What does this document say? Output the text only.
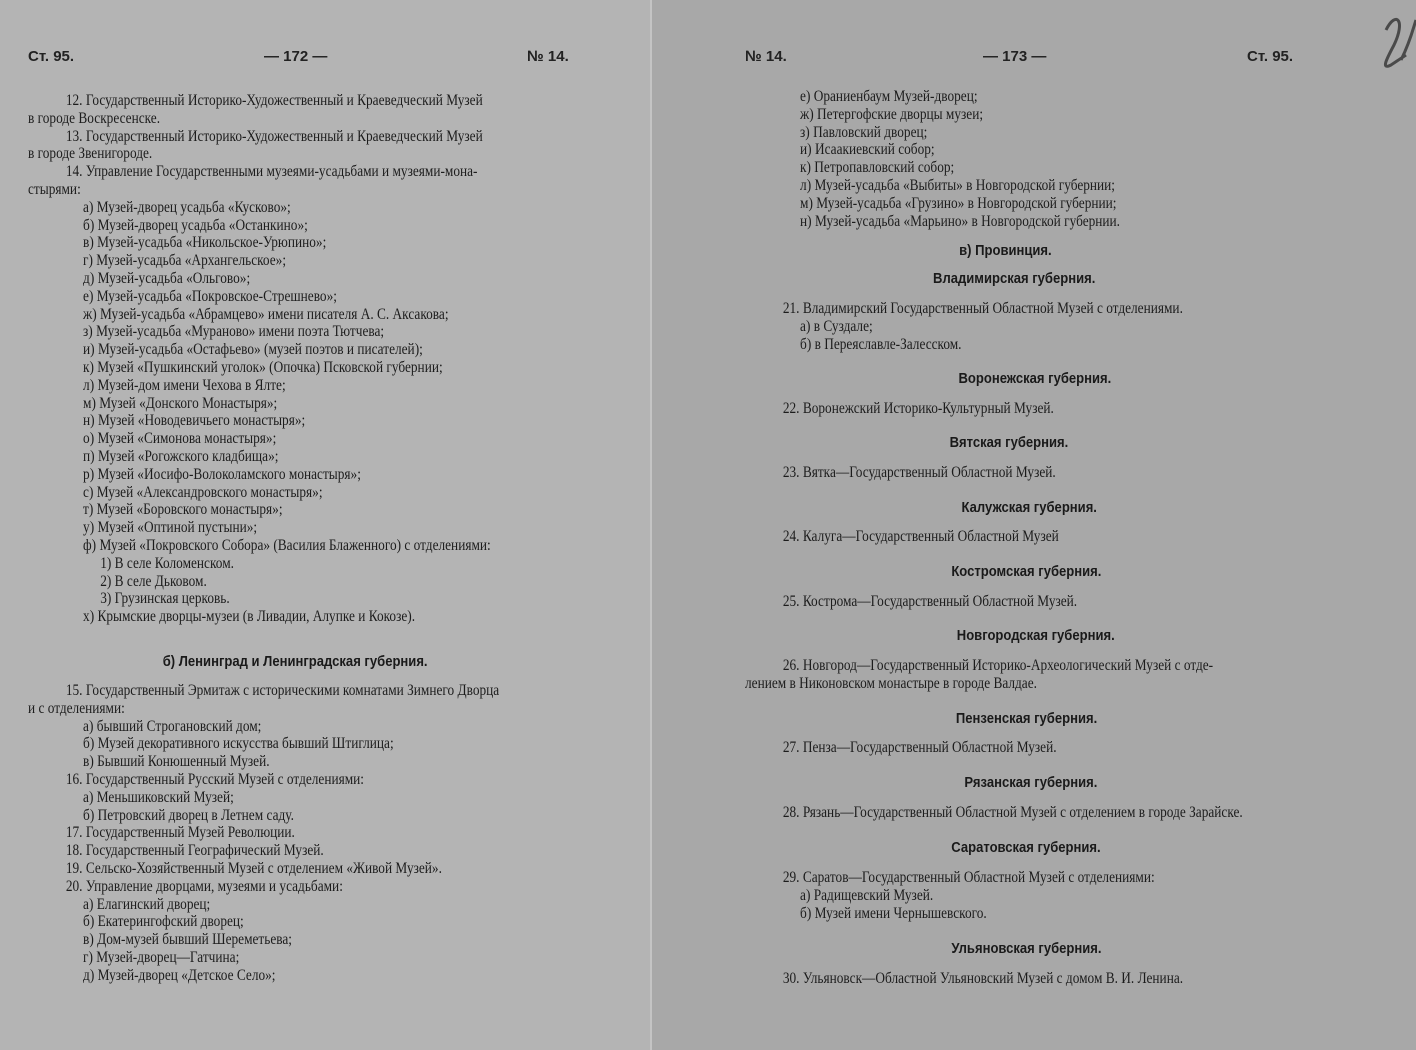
Ст. 95.	— 172 —	№ 14.
12. Государственный Историко-Художественный и Краеведческий Музей
в городе Воскресенске.
13. Государственный Историко-Художественный и Краеведческий Музей
в городе Звенигороде.
14. Управление Государственными музеями-усадьбами и музеями-мона-
стырями:
а) Музей-дворец усадьба «Кусково»;
б) Музей-дворец усадьба «Останкино»;
в) Музей-усадьба «Никольское-Урюпино»;
г) Музей-усадьба «Архангельское»;
д) Музей-усадьба «Ольгово»;
е) Музей-усадьба «Покровское-Стрешнево»;
ж) Музей-усадьба «Абрамцево» имени писателя А. С. Аксакова;
з) Музей-усадьба «Мураново» имени поэта Тютчева;
и) Музей-усадьба «Остафьево» (музей поэтов и писателей);
к) Музей «Пушкинский уголок» (Опочка) Псковской губернии;
л) Музей-дом имени Чехова в Ялте;
м) Музей «Донского Монастыря»;
н) Музей «Новодевичьего монастыря»;
о) Музей «Симонова монастыря»;
п) Музей «Рогожского кладбища»;
р) Музей «Иосифо-Волоколамского монастыря»;
с) Музей «Александровского монастыря»;
т) Музей «Боровского монастыря»;
у) Музей «Оптиной пустыни»;
ф) Музей «Покровского Собора» (Василия Блаженного) с отделениями:
1) В селе Коломенском.
2) В селе Дьковом.
3) Грузинская церковь.
х) Крымские дворцы-музеи (в Ливадии, Алупке и Кокозе).
б) Ленинград и Ленинградская губерния.
15. Государственный Эрмитаж с историческими комнатами Зимнего Дворца
и с отделениями:
а) бывший Строгановский дом;
б) Музей декоративного искусства бывший Штиглица;
в) Бывший Конюшенный Музей.
16. Государственный Русский Музей с отделениями:
а) Меньшиковский Музей;
б) Петровский дворец в Летнем саду.
17. Государственный Музей Революции.
18. Государственный Географический Музей.
19. Сельско-Хозяйственный Музей с отделением «Живой Музей».
20. Управление дворцами, музеями и усадьбами:
а) Елагинский дворец;
б) Екатерингофский дворец;
в) Дом-музей бывший Шереметьева;
г) Музей-дворец—Гатчина;
д) Музей-дворец «Детское Село»;
№ 14.	— 173 —	Ст. 95.
е) Ораниенбаум Музей-дворец;
ж) Петергофские дворцы музеи;
з) Павловский дворец;
и) Исаакиевский собор;
к) Петропавловский собор;
л) Музей-усадьба «Выбиты» в Новгородской губернии;
м) Музей-усадьба «Грузино» в Новгородской губернии;
н) Музей-усадьба «Марьино» в Новгородской губернии.
в) Провинция.
Владимирская губерния.
21. Владимирский Государственный Областной Музей с отделениями.
а) в Суздале;
б) в Переяславле-Залесском.
Воронежская губерния.
22. Воронежский Историко-Культурный Музей.
Вятская губерния.
23. Вятка—Государственный Областной Музей.
Калужская губерния.
24. Калуга—Государственный Областной Музей
Костромская губерния.
25. Кострома—Государственный Областной Музей.
Новгородская губерния.
26. Новгород—Государственный Историко-Археологический Музей с отде-
лением в Никоновском монастыре в городе Валдае.
Пензенская губерния.
27. Пенза—Государственный Областной Музей.
Рязанская губерния.
28. Рязань—Государственный Областной Музей с отделением в городе Зарайске.
Саратовская губерния.
29. Саратов—Государственный Областной Музей с отделениями:
а) Радищевский Музей.
б) Музей имени Чернышевского.
Ульяновская губерния.
30. Ульяновск—Областной Ульяновский Музей с домом В. И. Ленина.
